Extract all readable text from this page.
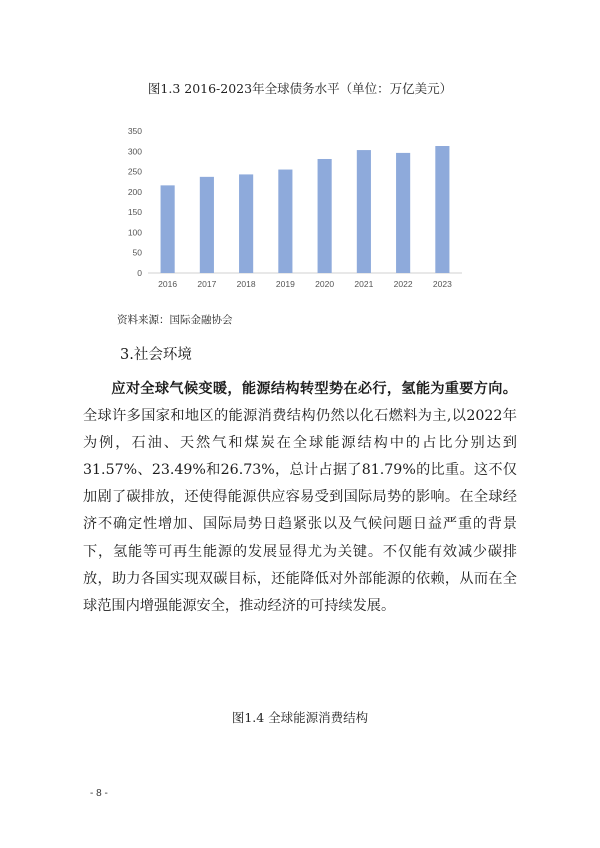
图1.3 2016-2023年全球债务水平（单位：万亿美元）
0
50
100
150
200
250
300
350
2016 2017 2018 2019 2020 2021 2022 2023
资料来源：国际金融协会
3.社会环境

应对全球气候变暖，能源结构转型势在必行，氢能为重要方向。全球许多国家和地区的能源消费结构仍然以化石燃料为主,以2022年为例，石油、天然气和煤炭在全球能源结构中的占比分别达到31.57%、23.49%和26.73%，总计占据了81.79%的比重。这不仅加剧了碳排放，还使得能源供应容易受到国际局势的影响。在全球经济不确定性增加、国际局势日趋紧张以及气候问题日益严重的背景下，氢能等可再生能源的发展显得尤为关键。不仅能有效减少碳排放，助力各国实现双碳目标，还能降低对外部能源的依赖，从而在全球范围内增强能源安全，推动经济的可持续发展。

图1.4 全球能源消费结构
- 8 -
